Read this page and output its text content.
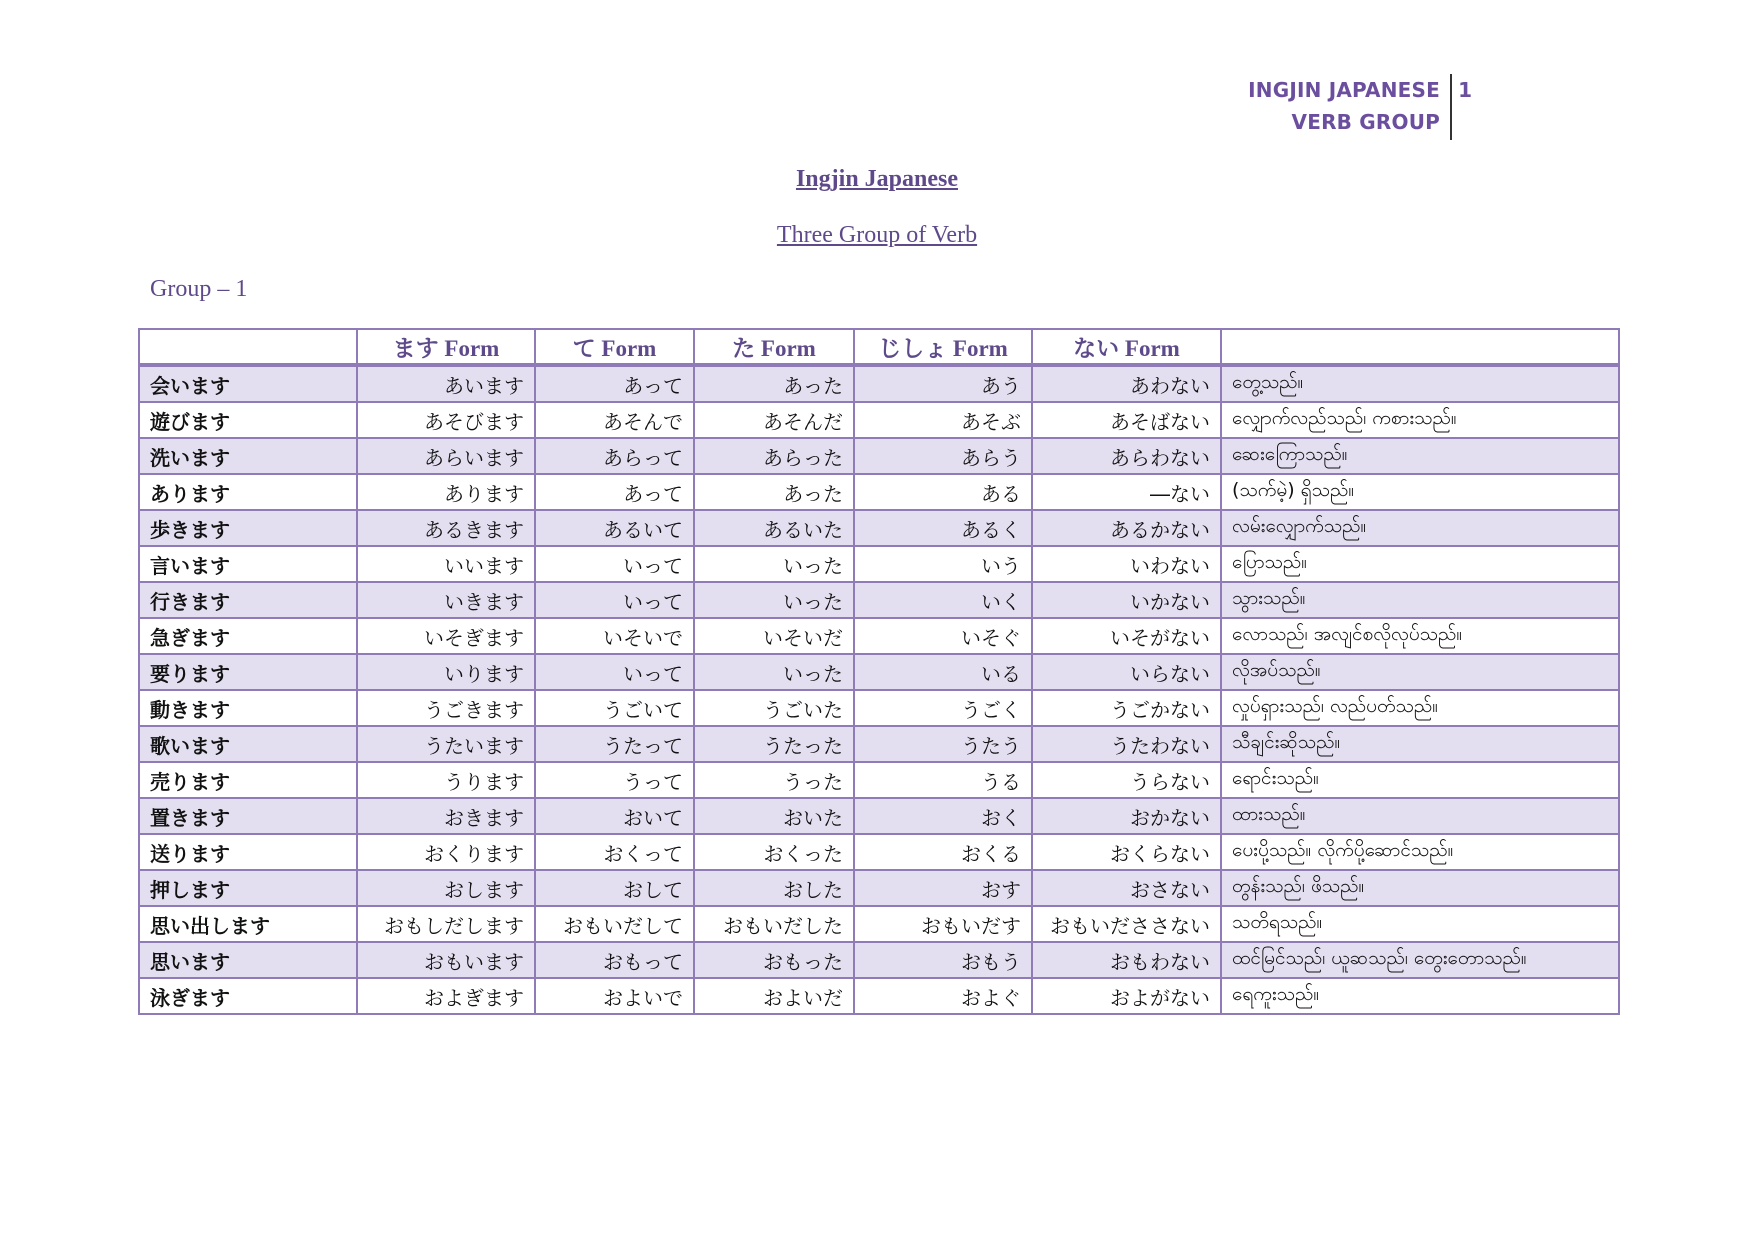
INGJIN JAPANESE
VERB GROUP
1
Ingjin Japanese
Three Group of Verb
Group – 1
	ます Form	て Form	た Form	じしょ Form	ない Form	
会います	あいます	あって	あった	あう	あわない	တွေ့သည်။
遊びます	あそびます	あそんで	あそんだ	あそぶ	あそばない	လျှောက်လည်သည်၊ ကစားသည်။
洗います	あらいます	あらって	あらった	あらう	あらわない	ဆေးကြောသည်။
あります	あります	あって	あった	ある	―ない	(သက်မဲ့) ရှိသည်။
歩きます	あるきます	あるいて	あるいた	あるく	あるかない	လမ်းလျှောက်သည်။
言います	いいます	いって	いった	いう	いわない	ပြောသည်။
行きます	いきます	いって	いった	いく	いかない	သွားသည်။
急ぎます	いそぎます	いそいで	いそいだ	いそぐ	いそがない	လောသည်၊ အလျင်စလိုလုပ်သည်။
要ります	いります	いって	いった	いる	いらない	လိုအပ်သည်။
動きます	うごきます	うごいて	うごいた	うごく	うごかない	လှုပ်ရှားသည်၊ လည်ပတ်သည်။
歌います	うたいます	うたって	うたった	うたう	うたわない	သီချင်းဆိုသည်။
売ります	うります	うって	うった	うる	うらない	ရောင်းသည်။
置きます	おきます	おいて	おいた	おく	おかない	ထားသည်။
送ります	おくります	おくって	おくった	おくる	おくらない	ပေးပို့သည်။ လိုက်ပို့ဆောင်သည်။
押します	おします	おして	おした	おす	おさない	တွန်းသည်၊ ဖိသည်။
思い出します	おもしだします	おもいだして	おもいだした	おもいだす	おもいだささない	သတိရသည်။
思います	おもいます	おもって	おもった	おもう	おもわない	ထင်မြင်သည်၊ ယူဆသည်၊ တွေးတောသည်။
泳ぎます	およぎます	およいで	およいだ	およぐ	およがない	ရေကူးသည်။
